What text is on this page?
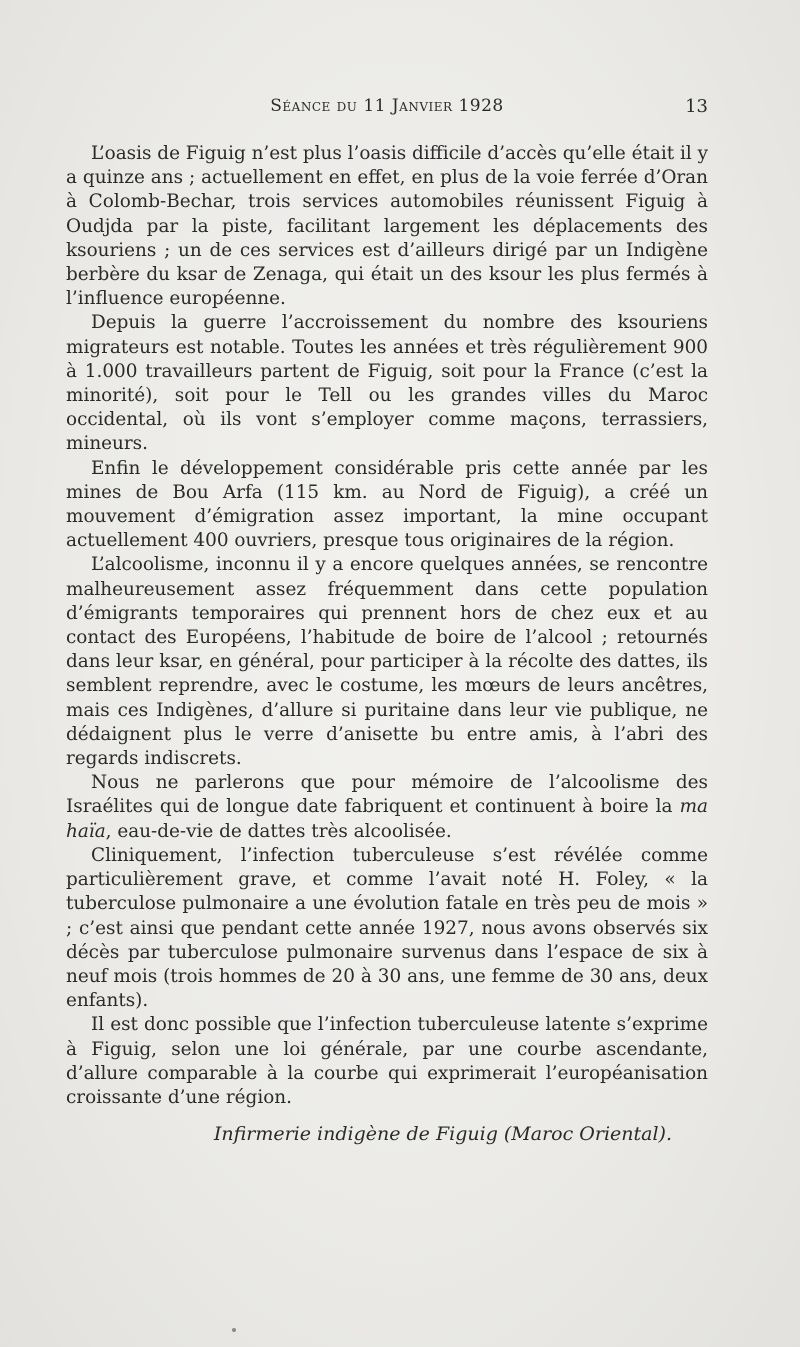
Séance du 11 Janvier 1928	13

L’oasis de Figuig n’est plus l’oasis difficile d’accès qu’elle était il y a quinze ans ; actuellement en effet, en plus de la voie ferrée d’Oran à Colomb-Bechar, trois services automobiles réunissent Figuig à Oudjda par la piste, facilitant largement les déplacements des ksouriens ; un de ces services est d’ailleurs dirigé par un Indigène berbère du ksar de Zenaga, qui était un des ksour les plus fermés à l’influence européenne.

Depuis la guerre l’accroissement du nombre des ksouriens migrateurs est notable. Toutes les années et très régulièrement 900 à 1.000 travailleurs partent de Figuig, soit pour la France (c’est la minorité), soit pour le Tell ou les grandes villes du Maroc occidental, où ils vont s’employer comme maçons, terrassiers, mineurs.

Enfin le développement considérable pris cette année par les mines de Bou Arfa (115 km. au Nord de Figuig), a créé un mouvement d’émigration assez important, la mine occupant actuellement 400 ouvriers, presque tous originaires de la région.

L’alcoolisme, inconnu il y a encore quelques années, se rencontre malheureusement assez fréquemment dans cette population d’émigrants temporaires qui prennent hors de chez eux et au contact des Européens, l’habitude de boire de l’alcool ; retournés dans leur ksar, en général, pour participer à la récolte des dattes, ils semblent reprendre, avec le costume, les mœurs de leurs ancêtres, mais ces Indigènes, d’allure si puritaine dans leur vie publique, ne dédaignent plus le verre d’anisette bu entre amis, à l’abri des regards indiscrets.

Nous ne parlerons que pour mémoire de l’alcoolisme des Israélites qui de longue date fabriquent et continuent à boire la ma haïa, eau-de-vie de dattes très alcoolisée.

Cliniquement, l’infection tuberculeuse s’est révélée comme particulièrement grave, et comme l’avait noté H. Foley, « la tuberculose pulmonaire a une évolution fatale en très peu de mois » ; c’est ainsi que pendant cette année 1927, nous avons observés six décès par tuberculose pulmonaire survenus dans l’espace de six à neuf mois (trois hommes de 20 à 30 ans, une femme de 30 ans, deux enfants).

Il est donc possible que l’infection tuberculeuse latente s’exprime à Figuig, selon une loi générale, par une courbe ascendante, d’allure comparable à la courbe qui exprimerait l’européanisation croissante d’une région.

Infirmerie indigène de Figuig (Maroc Oriental).
